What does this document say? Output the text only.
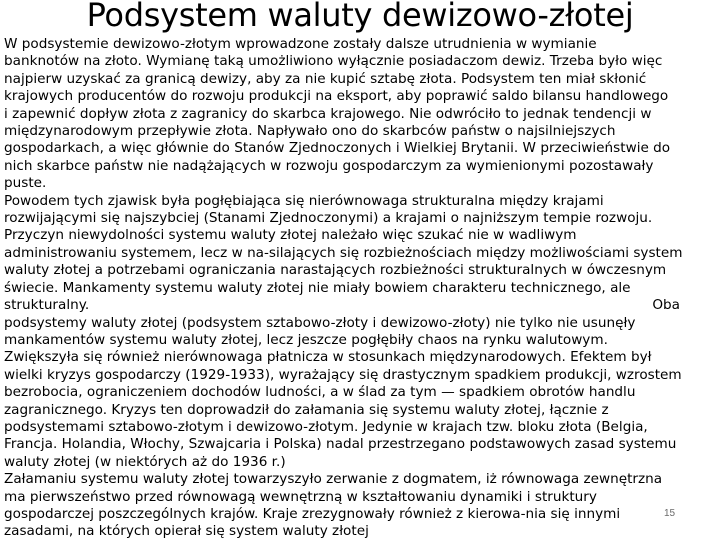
Podsystem waluty dewizowo-złotej
W podsystemie dewizowo-złotym wprowadzone zostały dalsze utrudnienia w wymianie
banknotów na złoto. Wymianę taką umożliwiono wyłącznie posiadaczom dewiz. Trzeba było więc
najpierw uzyskać za granicą dewizy, aby za nie kupić sztabę złota. Podsystem ten miał skłonić
krajowych producentów do rozwoju produkcji na eksport, aby poprawić saldo bilansu handlowego
i zapewnić dopływ złota z zagranicy do skarbca krajowego. Nie odwróciło to jednak tendencji w
międzynarodowym przepływie złota. Napływało ono do skarbców państw o najsilniejszych
gospodarkach, a więc głównie do Stanów Zjednoczonych i Wielkiej Brytanii. W przeciwieństwie do
nich skarbce państw nie nadążających w rozwoju gospodarczym za wymienionymi pozostawały
puste.
Powodem tych zjawisk była pogłębiająca się nierównowaga strukturalna między krajami
rozwijającymi się najszybciej (Stanami Zjednoczonymi) a krajami o najniższym tempie rozwoju.
Przyczyn niewydolności systemu waluty złotej należało więc szukać nie w wadliwym
administrowaniu systemem, lecz w na-silających się rozbieżnościach między możliwościami system
waluty złotej a potrzebami ograniczania narastających rozbieżności strukturalnych w ówczesnym
świecie. Mankamenty systemu waluty złotej nie miały bowiem charakteru technicznego, ale
strukturalny.	Oba
podsystemy waluty złotej (podsystem sztabowo-złoty i dewizowo-złoty) nie tylko nie usunęły
mankamentów systemu waluty złotej, lecz jeszcze pogłębiły chaos na rynku walutowym.
Zwiększyła się również nierównowaga płatnicza w stosunkach międzynarodowych. Efektem był
wielki kryzys gospodarczy (1929-1933), wyrażający się drastycznym spadkiem produkcji, wzrostem
bezrobocia, ograniczeniem dochodów ludności, a w ślad za tym — spadkiem obrotów handlu
zagranicznego. Kryzys ten doprowadził do załamania się systemu waluty złotej, łącznie z
podsystemami sztabowo-złotym i dewizowo-złotym. Jedynie w krajach tzw. bloku złota (Belgia,
Francja. Holandia, Włochy, Szwajcaria i Polska) nadal przestrzegano podstawowych zasad systemu
waluty złotej (w niektórych aż do 1936 r.)
Załamaniu systemu waluty złotej towarzyszyło zerwanie z dogmatem, iż równowaga zewnętrzna
ma pierwszeństwo przed równowagą wewnętrzną w kształtowaniu dynamiki i struktury
gospodarczej poszczególnych krajów. Kraje zrezygnowały również z kierowa-nia się innymi
zasadami, na których opierał się system waluty złotej
15
